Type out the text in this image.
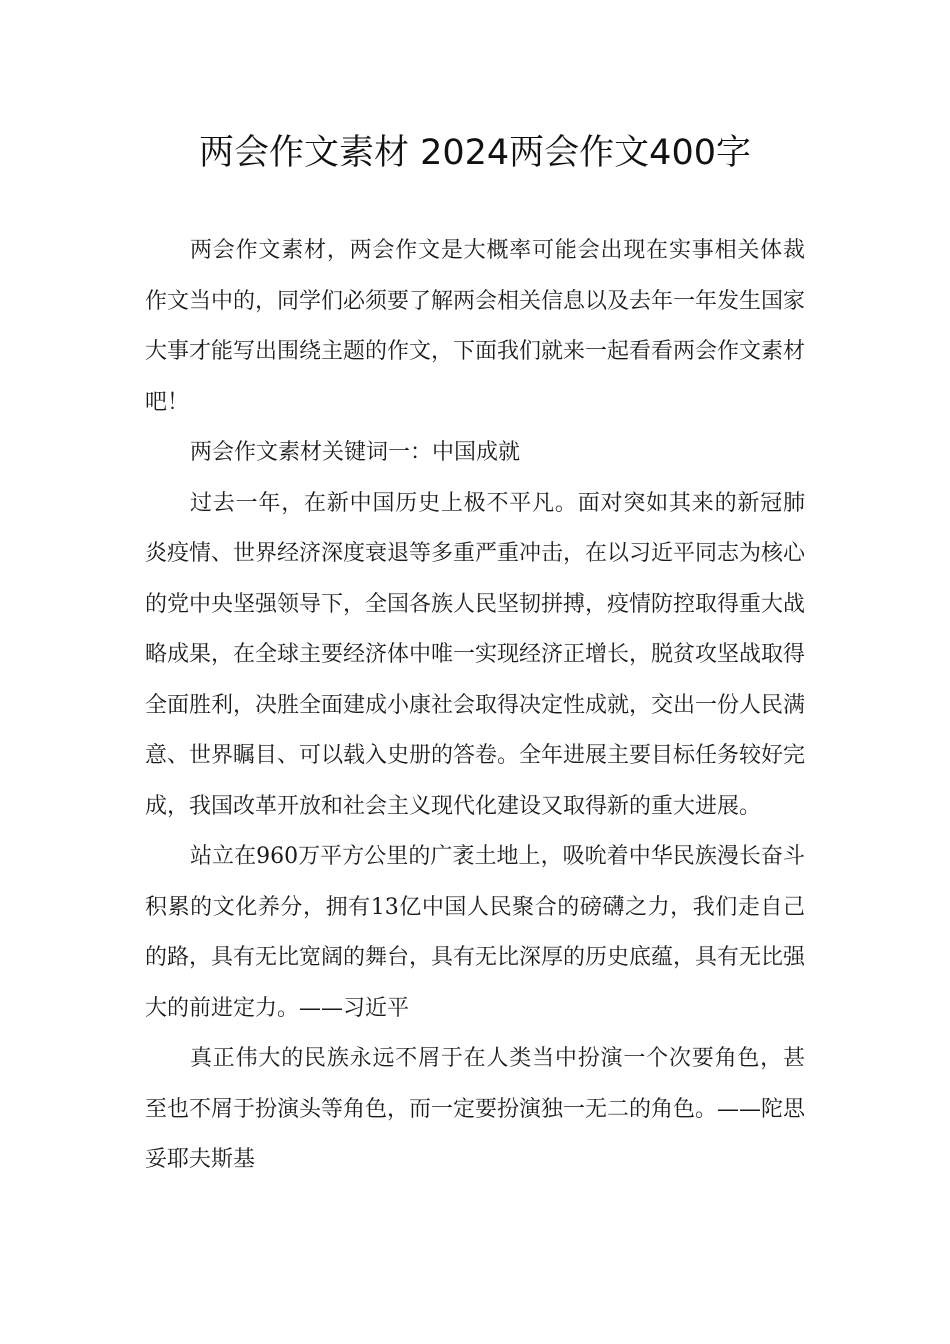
两会作文素材 2024两会作文400字

两会作文素材，两会作文是大概率可能会出现在实事相关体裁作文当中的，同学们必须要了解两会相关信息以及去年一年发生国家大事才能写出围绕主题的作文，下面我们就来一起看看两会作文素材吧！

两会作文素材关键词一：中国成就

过去一年，在新中国历史上极不平凡。面对突如其来的新冠肺炎疫情、世界经济深度衰退等多重严重冲击，在以习近平同志为核心的党中央坚强领导下，全国各族人民坚韧拼搏，疫情防控取得重大战略成果，在全球主要经济体中唯一实现经济正增长，脱贫攻坚战取得全面胜利，决胜全面建成小康社会取得决定性成就，交出一份人民满意、世界瞩目、可以载入史册的答卷。全年进展主要目标任务较好完成，我国改革开放和社会主义现代化建设又取得新的重大进展。

站立在960万平方公里的广袤土地上，吸吮着中华民族漫长奋斗积累的文化养分，拥有13亿中国人民聚合的磅礴之力，我们走自己的路，具有无比宽阔的舞台，具有无比深厚的历史底蕴，具有无比强大的前进定力。——习近平

真正伟大的民族永远不屑于在人类当中扮演一个次要角色，甚至也不屑于扮演头等角色，而一定要扮演独一无二的角色。——陀思妥耶夫斯基
